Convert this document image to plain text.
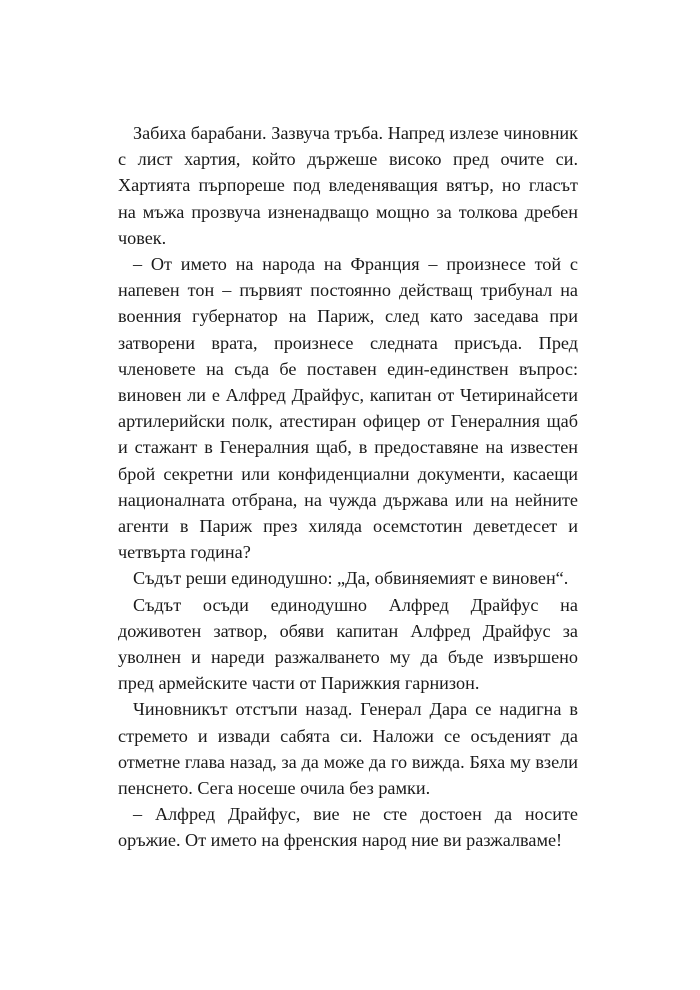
Забиха барабани. Зазвуча тръба. Напред излезе чиновник с лист хартия, който държеше високо пред очите си. Хартията пърпореше под вледеняващия вятър, но гласът на мъжа прозвуча изненадващо мощно за толкова дребен човек.

– От името на народа на Франция – произнесе той с напевен тон – първият постоянно действащ трибунал на военния губернатор на Париж, след като заседава при затворени врата, произнесе следната присъда. Пред членовете на съда бе поставен един-единствен въпрос: виновен ли е Алфред Драйфус, капитан от Четиринайсети артилерийски полк, атестиран офицер от Генералния щаб и стажант в Генералния щаб, в предоставяне на известен брой секретни или конфиденциални документи, касаещи националната отбрана, на чужда държава или на нейните агенти в Париж през хиляда осемстотин деветдесет и четвърта година?

Съдът реши единодушно: „Да, обвиняемият е виновен“.

Съдът осъди единодушно Алфред Драйфус на доживотен затвор, обяви капитан Алфред Драйфус за уволнен и нареди разжалването му да бъде извършено пред армейските части от Парижкия гарнизон.

Чиновникът отстъпи назад. Генерал Дара се надигна в стремето и извади сабята си. Наложи се осъденият да отметне глава назад, за да може да го вижда. Бяха му взели пенснето. Сега носеше очила без рамки.

– Алфред Драйфус, вие не сте достоен да носите оръжие. От името на френския народ ние ви разжалваме!
